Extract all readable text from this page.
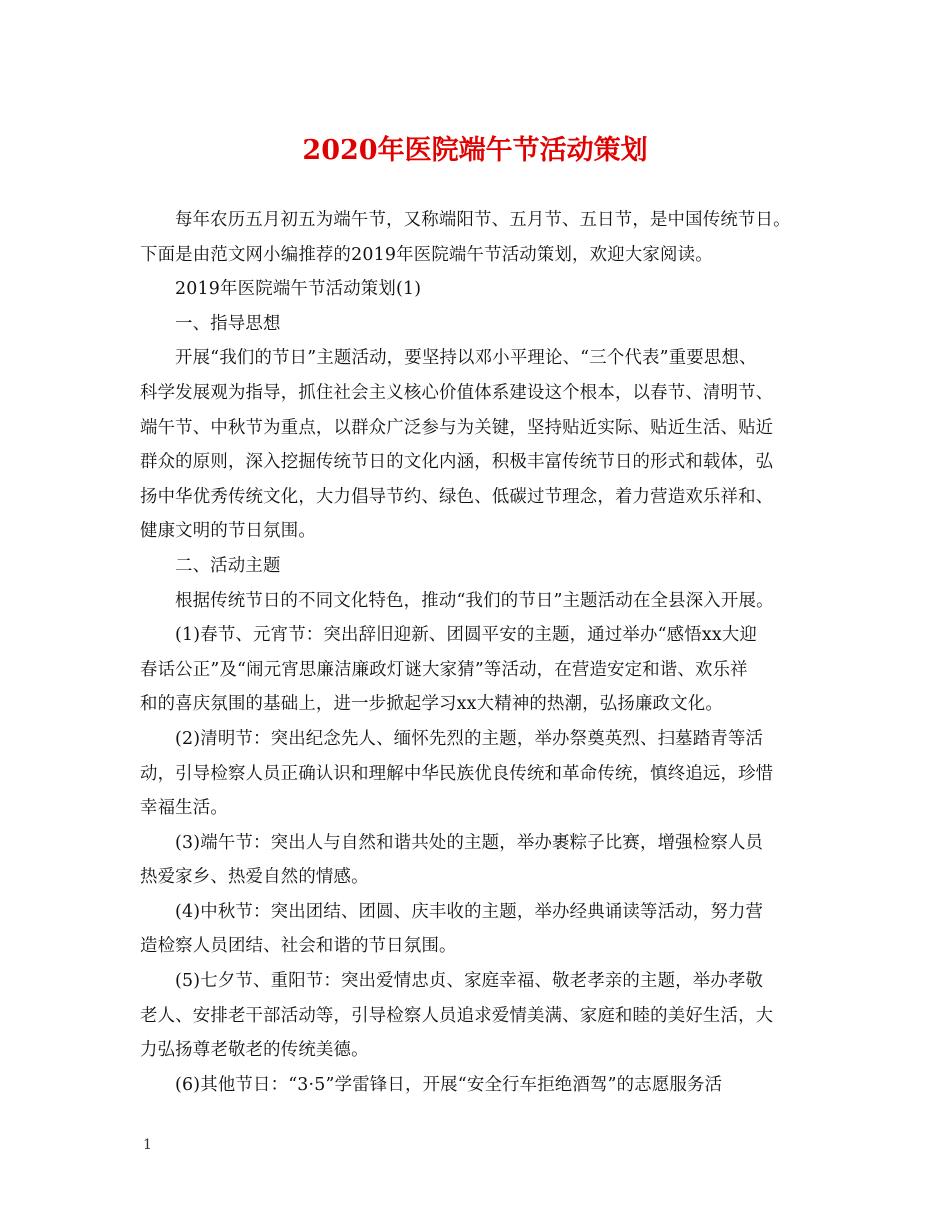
2020年医院端午节活动策划
每年农历五月初五为端午节，又称端阳节、五月节、五日节，是中国传统节日。
下面是由范文网小编推荐的2019年医院端午节活动策划，欢迎大家阅读。
2019年医院端午节活动策划(1)
一、指导思想
开展“我们的节日”主题活动，要坚持以邓小平理论、“三个代表”重要思想、
科学发展观为指导，抓住社会主义核心价值体系建设这个根本，以春节、清明节、
端午节、中秋节为重点，以群众广泛参与为关键，坚持贴近实际、贴近生活、贴近
群众的原则，深入挖掘传统节日的文化内涵，积极丰富传统节日的形式和载体，弘
扬中华优秀传统文化，大力倡导节约、绿色、低碳过节理念，着力营造欢乐祥和、
健康文明的节日氛围。
二、活动主题
根据传统节日的不同文化特色，推动“我们的节日”主题活动在全县深入开展。
(1)春节、元宵节：突出辞旧迎新、团圆平安的主题，通过举办“感悟xx大迎
春话公正”及“闹元宵思廉洁廉政灯谜大家猜”等活动，在营造安定和谐、欢乐祥
和的喜庆氛围的基础上，进一步掀起学习xx大精神的热潮，弘扬廉政文化。
(2)清明节：突出纪念先人、缅怀先烈的主题，举办祭奠英烈、扫墓踏青等活
动，引导检察人员正确认识和理解中华民族优良传统和革命传统，慎终追远，珍惜
幸福生活。
(3)端午节：突出人与自然和谐共处的主题，举办裹粽子比赛，增强检察人员
热爱家乡、热爱自然的情感。
(4)中秋节：突出团结、团圆、庆丰收的主题，举办经典诵读等活动，努力营
造检察人员团结、社会和谐的节日氛围。
(5)七夕节、重阳节：突出爱情忠贞、家庭幸福、敬老孝亲的主题，举办孝敬
老人、安排老干部活动等，引导检察人员追求爱情美满、家庭和睦的美好生活，大
力弘扬尊老敬老的传统美德。
(6)其他节日：“3·5”学雷锋日，开展“安全行车拒绝酒驾”的志愿服务活
1
